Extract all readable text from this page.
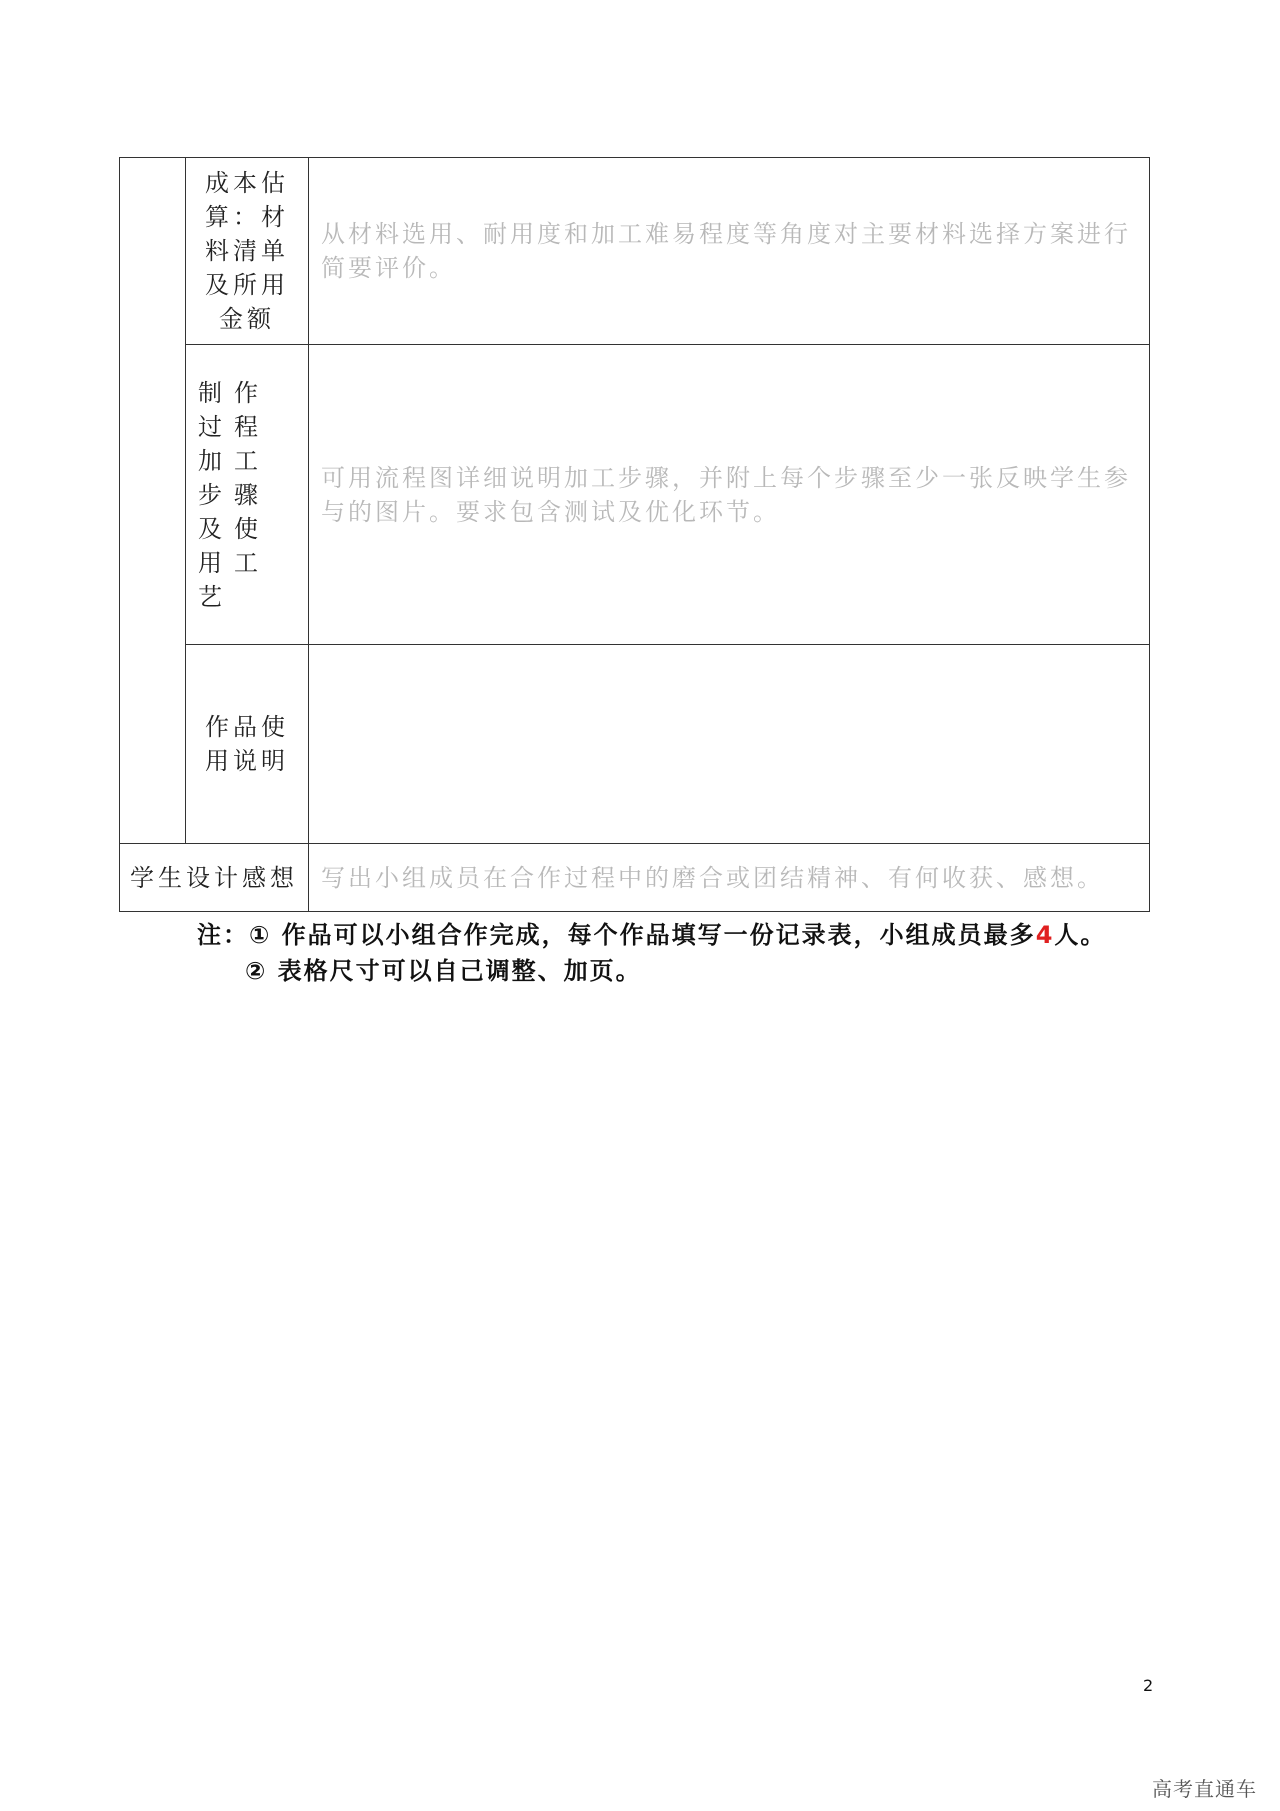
	成本估算：材料清单及所用金额	从材料选用、耐用度和加工难易程度等角度对主要材料选择方案进行简要评价。

	制作过程加工步骤及使用工艺	可用流程图详细说明加工步骤，并附上每个步骤至少一张反映学生参与的图片。要求包含测试及优化环节。

	作品使用说明	

学生设计感想		写出小组成员在合作过程中的磨合或团结精神、有何收获、感想。
注：① 作品可以小组合作完成，每个作品填写一份记录表，小组成员最多4人。
② 表格尺寸可以自己调整、加页。
2
高考直通车
